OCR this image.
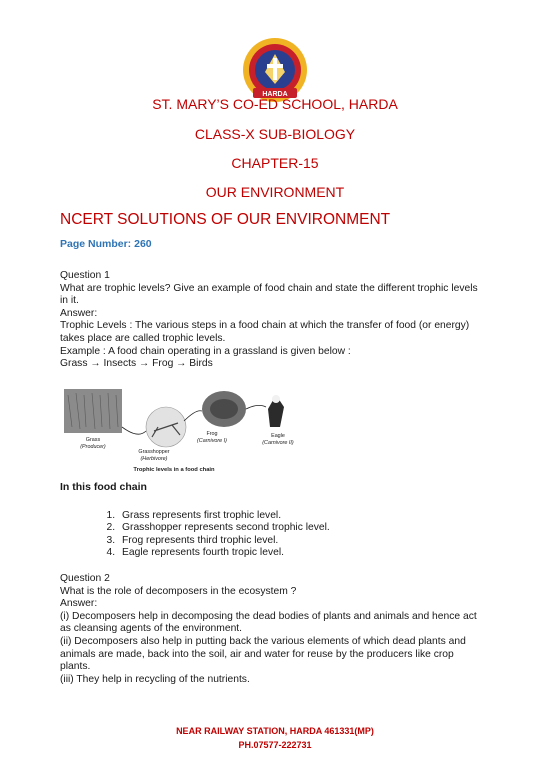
HARDA
ST. MARY’S CO-ED SCHOOL, HARDA
CLASS-X SUB-BIOLOGY
CHAPTER-15
OUR ENVIRONMENT
NCERT SOLUTIONS OF OUR ENVIRONMENT
Page Number: 260

Question 1

What are trophic levels? Give an example of food chain and state the different trophic levels in it.

Answer:

Trophic Levels : The various steps in a food chain at which the transfer of food (or energy) takes place are called trophic levels.

Example : A food chain operating in a grassland is given below :

Grass → Insects → Frog → Birds

Grass
(Producer)
Grasshopper
(Herbivore)
Frog
(Carnivore I)
Eagle
(Carnivore II)
Trophic levels in a food chain
In this food chain
1. Grass represents first trophic level.
2. Grasshopper represents second trophic level.
3. Frog represents third trophic level.
4. Eagle represents fourth tropic level.

Question 2

What is the role of decomposers in the ecosystem ?

Answer:

(i) Decomposers help in decomposing the dead bodies of plants and animals and hence act as cleansing agents of the environment.

(ii) Decomposers also help in putting back the various elements of which dead plants and animals are made, back into the soil, air and water for reuse by the producers like crop plants.

(iii) They help in recycling of the nutrients.

NEAR RAILWAY STATION, HARDA 461331(MP)
PH.07577-222731
